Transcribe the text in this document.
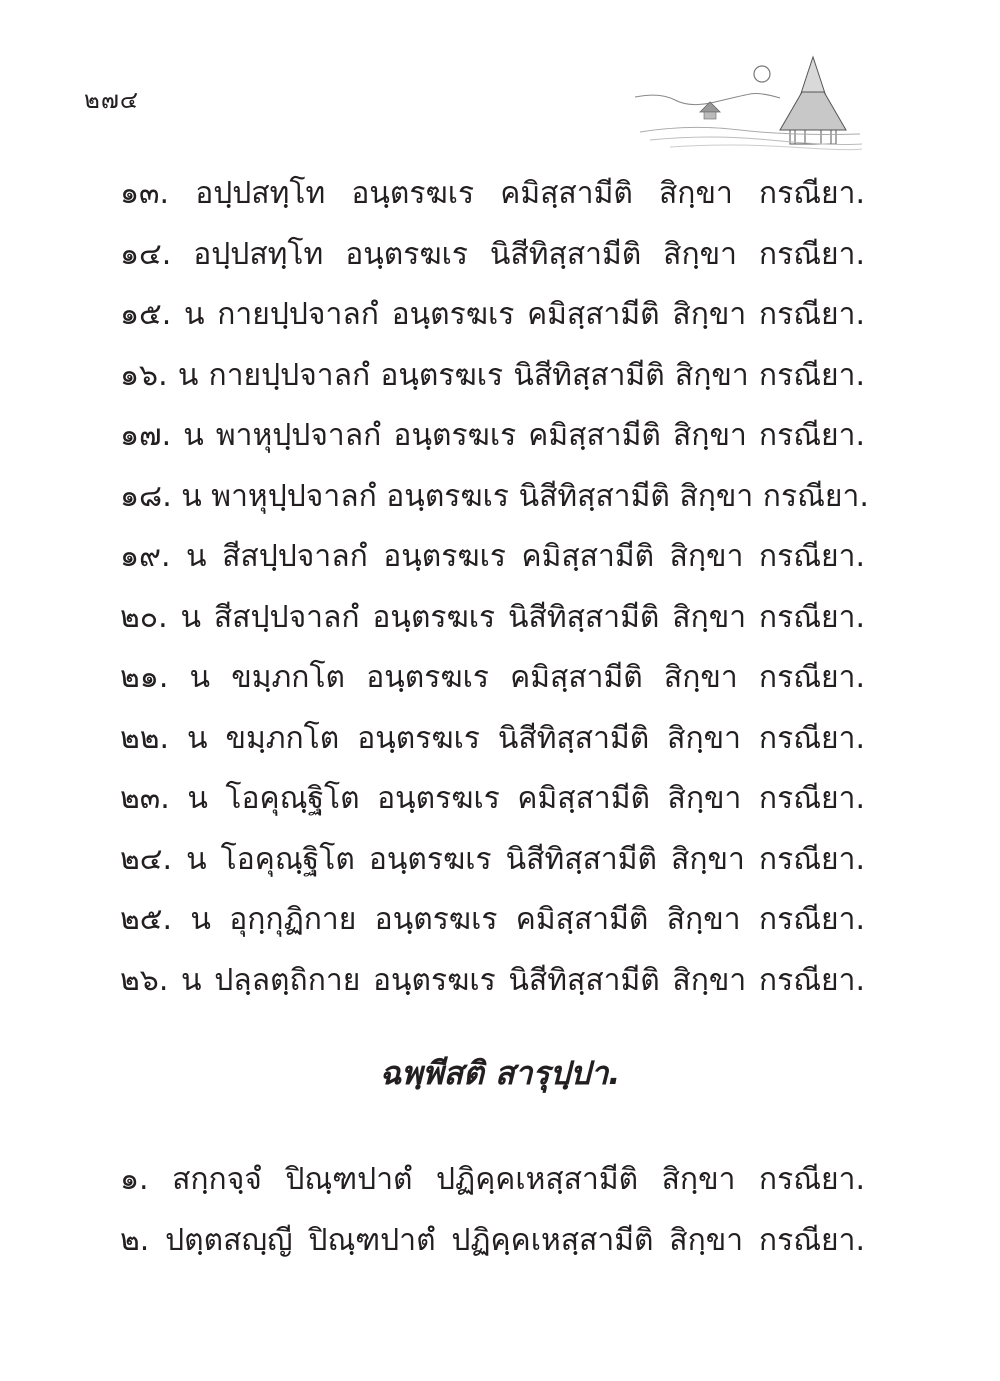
๒๗๔
๑๓. อปฺปสทฺโท อนฺตรฆเร คมิสฺสามีติ สิกฺขา กรณียา.
๑๔. อปฺปสทฺโท อนฺตรฆเร นิสีทิสฺสามีติ สิกฺขา กรณียา.
๑๕. น กายปฺปจาลกํ อนฺตรฆเร คมิสฺสามีติ สิกฺขา กรณียา.
๑๖. น กายปฺปจาลกํ อนฺตรฆเร นิสีทิสฺสามีติ สิกฺขา กรณียา.
๑๗. น พาหุปฺปจาลกํ อนฺตรฆเร คมิสฺสามีติ สิกฺขา กรณียา.
๑๘. น พาหุปฺปจาลกํ อนฺตรฆเร นิสีทิสฺสามีติ สิกฺขา กรณียา.
๑๙. น สีสปฺปจาลกํ อนฺตรฆเร คมิสฺสามีติ สิกฺขา กรณียา.
๒๐. น สีสปฺปจาลกํ อนฺตรฆเร นิสีทิสฺสามีติ สิกฺขา กรณียา.
๒๑. น ขมฺภกโต อนฺตรฆเร คมิสฺสามีติ สิกฺขา กรณียา.
๒๒. น ขมฺภกโต อนฺตรฆเร นิสีทิสฺสามีติ สิกฺขา กรณียา.
๒๓. น โอคุณฺฐิโต อนฺตรฆเร คมิสฺสามีติ สิกฺขา กรณียา.
๒๔. น โอคุณฺฐิโต อนฺตรฆเร นิสีทิสฺสามีติ สิกฺขา กรณียา.
๒๕. น อุกฺกุฏิกาย อนฺตรฆเร คมิสฺสามีติ สิกฺขา กรณียา.
๒๖. น ปลฺลตฺถิกาย อนฺตรฆเร นิสีทิสฺสามีติ สิกฺขา กรณียา.
ฉพฺพีสติ สารุปฺปา.
๑. สกฺกจฺจํ ปิณฺฑปาตํ ปฏิคฺคเหสฺสามีติ สิกฺขา กรณียา.
๒. ปตฺตสญฺญี ปิณฺฑปาตํ ปฏิคฺคเหสฺสามีติ สิกฺขา กรณียา.
